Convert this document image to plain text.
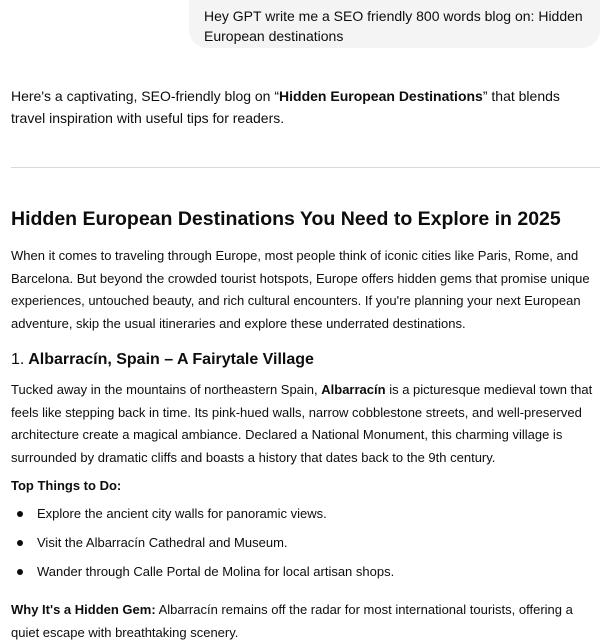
Hey GPT write me a SEO friendly 800 words blog on: Hidden European destinations
Here's a captivating, SEO-friendly blog on “Hidden European Destinations” that blends travel inspiration with useful tips for readers.
Hidden European Destinations You Need to Explore in 2025
When it comes to traveling through Europe, most people think of iconic cities like Paris, Rome, and Barcelona. But beyond the crowded tourist hotspots, Europe offers hidden gems that promise unique experiences, untouched beauty, and rich cultural encounters. If you're planning your next European adventure, skip the usual itineraries and explore these underrated destinations.
1. Albarracín, Spain – A Fairytale Village
Tucked away in the mountains of northeastern Spain, Albarracín is a picturesque medieval town that feels like stepping back in time. Its pink-hued walls, narrow cobblestone streets, and well-preserved architecture create a magical ambiance. Declared a National Monument, this charming village is surrounded by dramatic cliffs and boasts a history that dates back to the 9th century.
Top Things to Do:
Explore the ancient city walls for panoramic views.
Visit the Albarracín Cathedral and Museum.
Wander through Calle Portal de Molina for local artisan shops.
Why It's a Hidden Gem: Albarracín remains off the radar for most international tourists, offering a quiet escape with breathtaking scenery.
